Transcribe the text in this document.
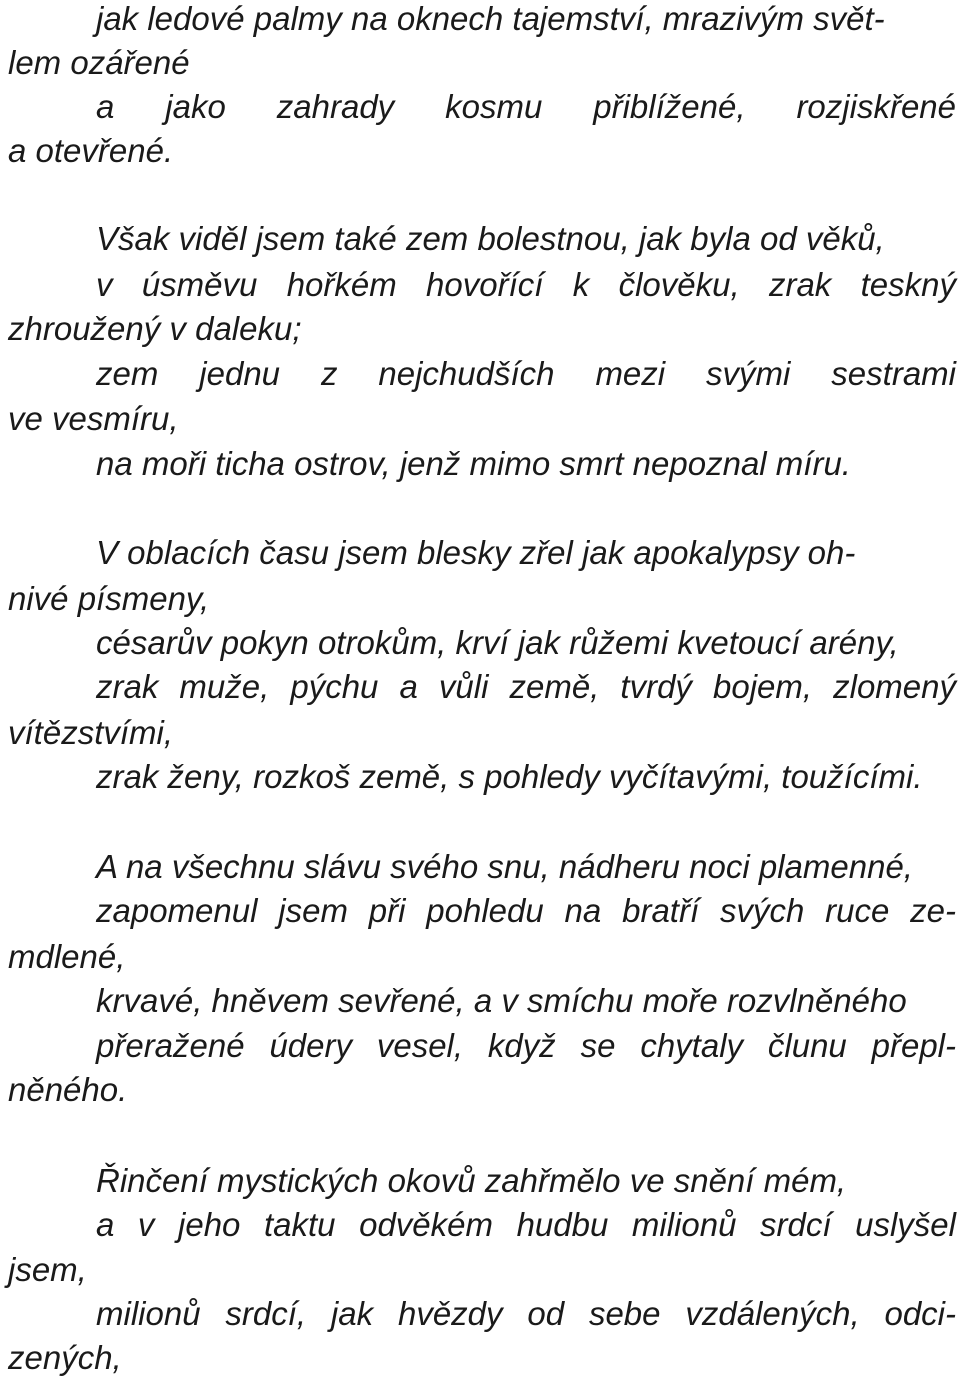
jak ledové palmy na oknech tajemství, mrazivým svět-
lem ozářené
a jako zahrady kosmu přiblížené, rozjiskřené
a otevřené.
Však viděl jsem také zem bolestnou, jak byla od věků,
v úsměvu hořkém hovořící k člověku, zrak teskný
zhroužený v daleku;
zem jednu z nejchudších mezi svými sestrami
ve vesmíru,
na moři ticha ostrov, jenž mimo smrt nepoznal míru.
V oblacích času jsem blesky zřel jak apokalypsy oh-
nivé písmeny,
césarův pokyn otrokům, krví jak růžemi kvetoucí arény,
zrak muže, pýchu a vůli země, tvrdý bojem, zlomený
vítězstvími,
zrak ženy, rozkoš země, s pohledy vyčítavými, toužícími.
A na všechnu slávu svého snu, nádheru noci plamenné,
zapomenul jsem při pohledu na bratří svých ruce ze-
mdlené,
krvavé, hněvem sevřené, a v smíchu moře rozvlněného
přeražené údery vesel, když se chytaly člunu přepl-
něného.
Řinčení mystických okovů zahřmělo ve snění mém,
a v jeho taktu odvěkém hudbu milionů srdcí uslyšel
jsem,
milionů srdcí, jak hvězdy od sebe vzdálených, odci-
zených,
